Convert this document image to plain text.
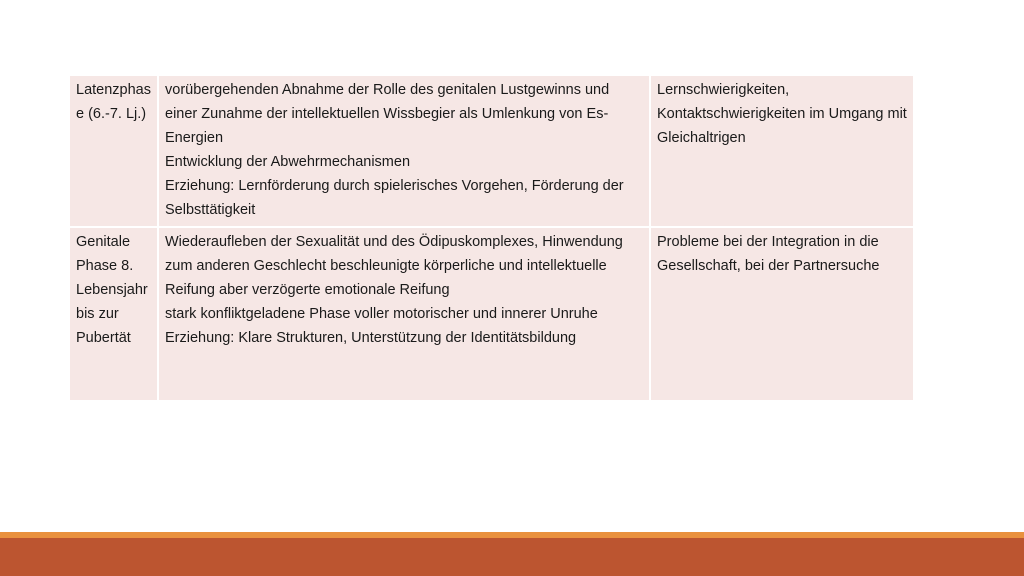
Latenzphase (6.-7. Lj.)	vorübergehenden Abnahme der Rolle des genitalen Lustgewinns und einer Zunahme der intellektuellen Wissbegier als Umlenkung von Es-Energien
Entwicklung der Abwehrmechanismen
Erziehung: Lernförderung durch spielerisches Vorgehen, Förderung der Selbsttätigkeit	Lernschwierigkeiten, Kontaktschwierigkeiten im Umgang mit Gleichaltrigen
Genitale Phase 8. Lebensjahr bis zur Pubertät	Wiederaufleben der Sexualität und des Ödipuskomplexes, Hinwendung zum anderen Geschlecht beschleunigte körperliche und intellektuelle Reifung aber verzögerte emotionale Reifung
stark konfliktgeladene Phase voller motorischer und innerer Unruhe
Erziehung: Klare Strukturen, Unterstützung der Identitätsbildung	Probleme bei der Integration in die Gesellschaft, bei der Partnersuche
